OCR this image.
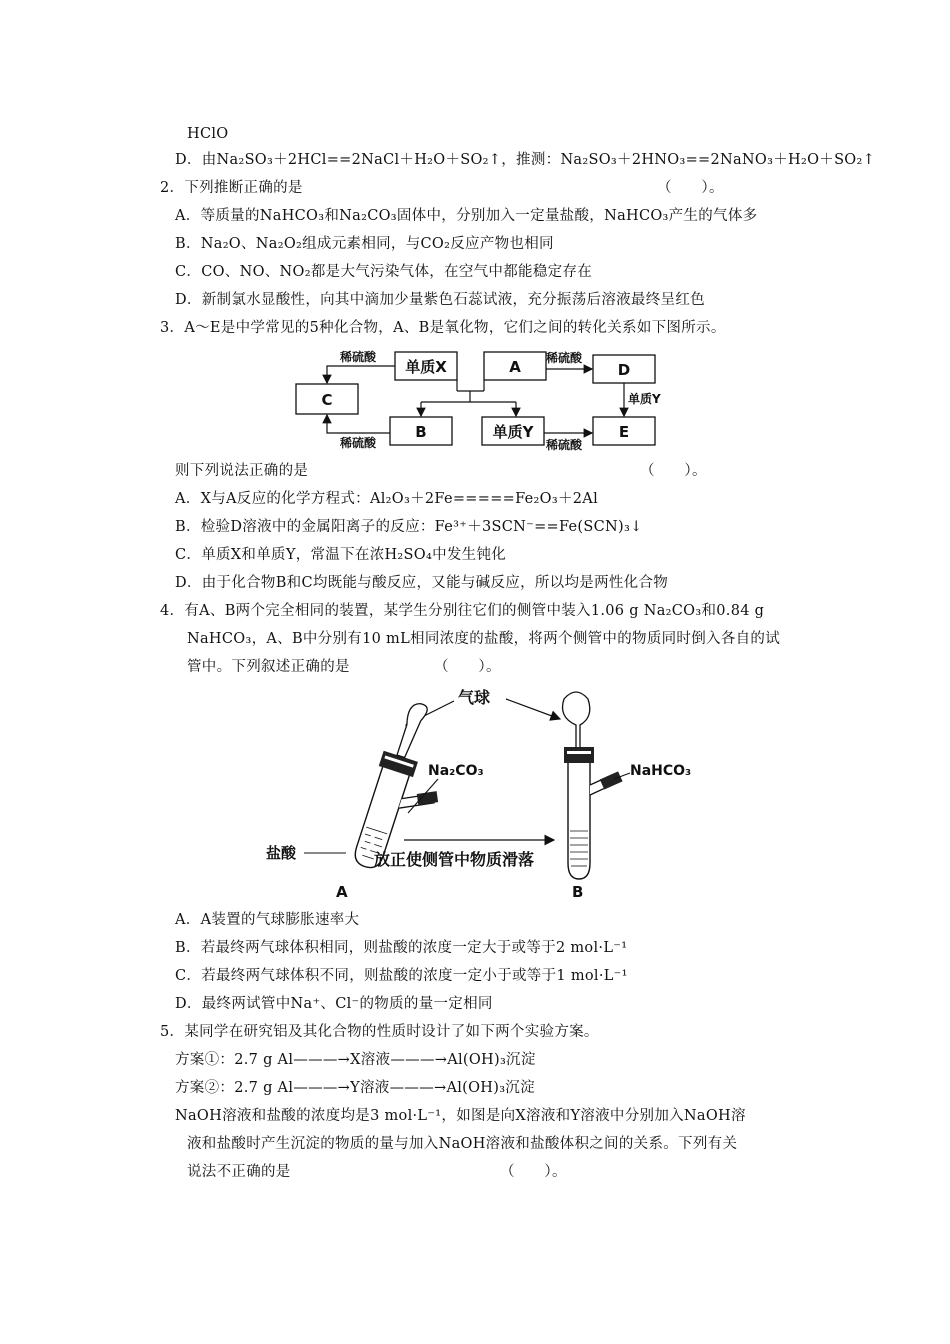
HClO
D．由Na₂SO₃＋2HCl==2NaCl＋H₂O＋SO₂↑，推测：Na₂SO₃＋2HNO₃==2NaNO₃＋H₂O＋SO₂↑
2．下列推断正确的是	（　　）。
A．等质量的NaHCO₃和Na₂CO₃固体中，分别加入一定量盐酸，NaHCO₃产生的气体多
B．Na₂O、Na₂O₂组成元素相同，与CO₂反应产物也相同
C．CO、NO、NO₂都是大气污染气体，在空气中都能稳定存在
D．新制氯水显酸性，向其中滴加少量紫色石蕊试液，充分振荡后溶液最终呈红色
3．A～E是中学常见的5种化合物，A、B是氧化物，它们之间的转化关系如下图所示。
单质X	A	D
C
B	单质Y	E
稀硫酸	稀硫酸
单质Y
稀硫酸	稀硫酸
则下列说法正确的是	（　　）。
A．X与A反应的化学方程式：Al₂O₃＋2Fe=====Fe₂O₃＋2Al
B．检验D溶液中的金属阳离子的反应：Fe³⁺＋3SCN⁻==Fe(SCN)₃↓
C．单质X和单质Y，常温下在浓H₂SO₄中发生钝化
D．由于化合物B和C均既能与酸反应，又能与碱反应，所以均是两性化合物
4．有A、B两个完全相同的装置，某学生分别往它们的侧管中装入1.06 g Na₂CO₃和0.84 g
NaHCO₃，A、B中分别有10 mL相同浓度的盐酸，将两个侧管中的物质同时倒入各自的试
管中。下列叙述正确的是	（　　）。
气球
Na₂CO₃
盐酸
A
放正使侧管中物质滑落
NaHCO₃
B
A．A装置的气球膨胀速率大
B．若最终两气球体积相同，则盐酸的浓度一定大于或等于2 mol·L⁻¹
C．若最终两气球体积不同，则盐酸的浓度一定小于或等于1 mol·L⁻¹
D．最终两试管中Na⁺、Cl⁻的物质的量一定相同
5．某同学在研究铝及其化合物的性质时设计了如下两个实验方案。
方案①：2.7 g Al———→X溶液———→Al(OH)₃沉淀
方案②：2.7 g Al———→Y溶液———→Al(OH)₃沉淀
NaOH溶液和盐酸的浓度均是3 mol·L⁻¹，如图是向X溶液和Y溶液中分别加入NaOH溶
液和盐酸时产生沉淀的物质的量与加入NaOH溶液和盐酸体积之间的关系。下列有关
说法不正确的是	（　　）。
